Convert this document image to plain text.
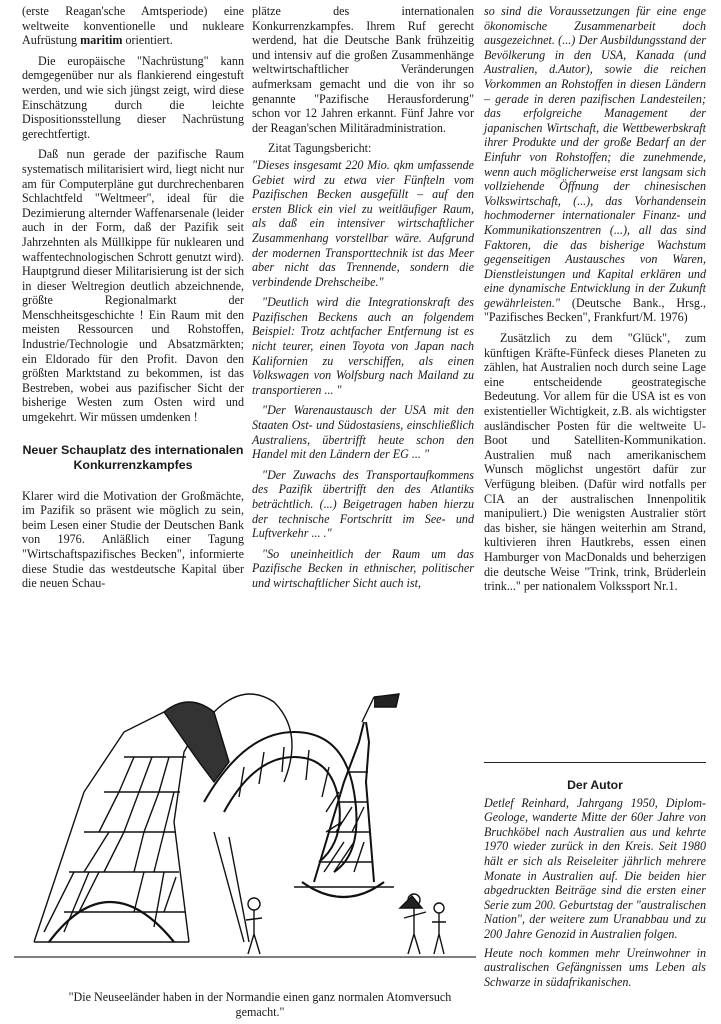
(erste Reagan'sche Amtsperiode) eine weltweite konventionelle und nukleare Aufrüstung maritim orientiert.

Die europäische "Nachrüstung" kann demgegenüber nur als flankierend eingestuft werden, und wie sich jüngst zeigt, wird diese Einschätzung durch die leichte Dispositionsstellung dieser Nachrüstung gerechtfertigt.

Daß nun gerade der pazifische Raum systematisch militarisiert wird, liegt nicht nur am für Computerpläne gut durchrechenbaren Schlachtfeld "Weltmeer", ideal für die Dezimierung alternder Waffenarsenale (leider auch in der Form, daß der Pazifik seit Jahrzehnten als Müllkippe für nuklearen und waffentechnologischen Schrott genutzt wird). Hauptgrund dieser Militarisierung ist der sich in dieser Weltregion deutlich abzeichnende, größte Regionalmarkt der Menschheitsgeschichte ! Ein Raum mit den meisten Ressourcen und Rohstoffen, Industrie/Technologie und Absatzmärkten; ein Eldorado für den Profit. Davon den größten Marktstand zu bekommen, ist das Bestreben, wobei aus pazifischer Sicht der bisherige Westen zum Osten wird und umgekehrt. Wir müssen umdenken !

Neuer Schauplatz des internationalen Konkurrenzkampfes

Klarer wird die Motivation der Großmächte, im Pazifik so präsent wie möglich zu sein, beim Lesen einer Studie der Deutschen Bank von 1976. Anläßlich einer Tagung "Wirtschaftspazifisches Becken", informierte diese Studie das westdeutsche Kapital über die neuen Schau-

plätze des internationalen Konkurrenzkampfes. Ihrem Ruf gerecht werdend, hat die Deutsche Bank frühzeitig und intensiv auf die großen Zusammenhänge weltwirtschaftlicher Veränderungen aufmerksam gemacht und die von ihr so genannte "Pazifische Herausforderung" schon vor 12 Jahren erkannt. Fünf Jahre vor der Reagan'schen Militäradministration.

Zitat Tagungsbericht:

"Dieses insgesamt 220 Mio. qkm umfassende Gebiet wird zu etwa vier Fünfteln vom Pazifischen Becken ausgefüllt – auf den ersten Blick ein viel zu weitläufiger Raum, als daß ein intensiver wirtschaftlicher Zusammenhang vorstellbar wäre. Aufgrund der modernen Transporttechnik ist das Meer aber nicht das Trennende, sondern die verbindende Drehscheibe."

"Deutlich wird die Integrationskraft des Pazifischen Beckens auch an folgendem Beispiel: Trotz achtfacher Entfernung ist es nicht teurer, einen Toyota von Japan nach Kalifornien zu verschiffen, als einen Volkswagen von Wolfsburg nach Mailand zu transportieren ... "

"Der Warenaustausch der USA mit den Staaten Ost- und Südostasiens, einschließlich Australiens, übertrifft heute schon den Handel mit den Ländern der EG ... "

"Der Zuwachs des Transportaufkommens des Pazifik übertrifft den des Atlantiks beträchtlich. (...) Beigetragen haben hierzu der technische Fortschritt im See- und Luftverkehr ... ."

"So uneinheitlich der Raum um das Pazifische Becken in ethnischer, politischer und wirtschaftlicher Sicht auch ist,

so sind die Voraussetzungen für eine enge ökonomische Zusammenarbeit doch ausgezeichnet. (...) Der Ausbildungsstand der Bevölkerung in den USA, Kanada (und Australien, d.Autor), sowie die reichen Vorkommen an Rohstoffen in diesen Ländern – gerade in deren pazifischen Landesteilen; das erfolgreiche Management der japanischen Wirtschaft, die Wettbewerbskraft ihrer Produkte und der große Bedarf an der Einfuhr von Rohstoffen; die zunehmende, wenn auch möglicherweise erst langsam sich vollziehende Öffnung der chinesischen Volkswirtschaft, (...), das Vorhandensein hochmoderner internationaler Finanz- und Kommunikationszentren (...), all das sind Faktoren, die das bisherige Wachstum gegenseitigen Austausches von Waren, Dienstleistungen und Kapital erklären und eine dynamische Entwicklung in der Zukunft gewährleisten." (Deutsche Bank., Hrsg., "Pazifisches Becken", Frankfurt/M. 1976)

Zusätzlich zu dem "Glück", zum künftigen Kräfte-Fünfeck dieses Planeten zu zählen, hat Australien noch durch seine Lage eine entscheidende geostrategische Bedeutung. Vor allem für die USA ist es von existentieller Wichtigkeit, z.B. als wichtigster ausländischer Posten für die weltweite U-Boot und Satelliten-Kommunikation. Australien muß nach amerikanischem Wunsch möglichst ungestört dafür zur Verfügung bleiben. (Dafür wird notfalls per CIA an der australischen Innenpolitik manipuliert.) Die wenigsten Australier stört das bisher, sie hängen weiterhin am Strand, kultivieren ihren Hautkrebs, essen einen Hamburger von MacDonalds und beherzigen die deutsche Weise "Trink, trink, Brüderlein trink..." per nationalem Volkssport Nr.1.

"Die Neuseeländer haben in der Normandie einen ganz normalen Atomversuch gemacht."
Der Autor

Detlef Reinhard, Jahrgang 1950, Diplom-Geologe, wanderte Mitte der 60er Jahre von Bruchköbel nach Australien aus und kehrte 1970 wieder zurück in den Kreis. Seit 1980 hält er sich als Reiseleiter jährlich mehrere Monate in Australien auf. Die beiden hier abgedruckten Beiträge sind die ersten einer Serie zum 200. Geburtstag der "australischen Nation", der weitere zum Uranabbau und zu 200 Jahre Genozid in Australien folgen.

Heute noch kommen mehr Ureinwohner in australischen Gefängnissen ums Leben als Schwarze in südafrikanischen.
